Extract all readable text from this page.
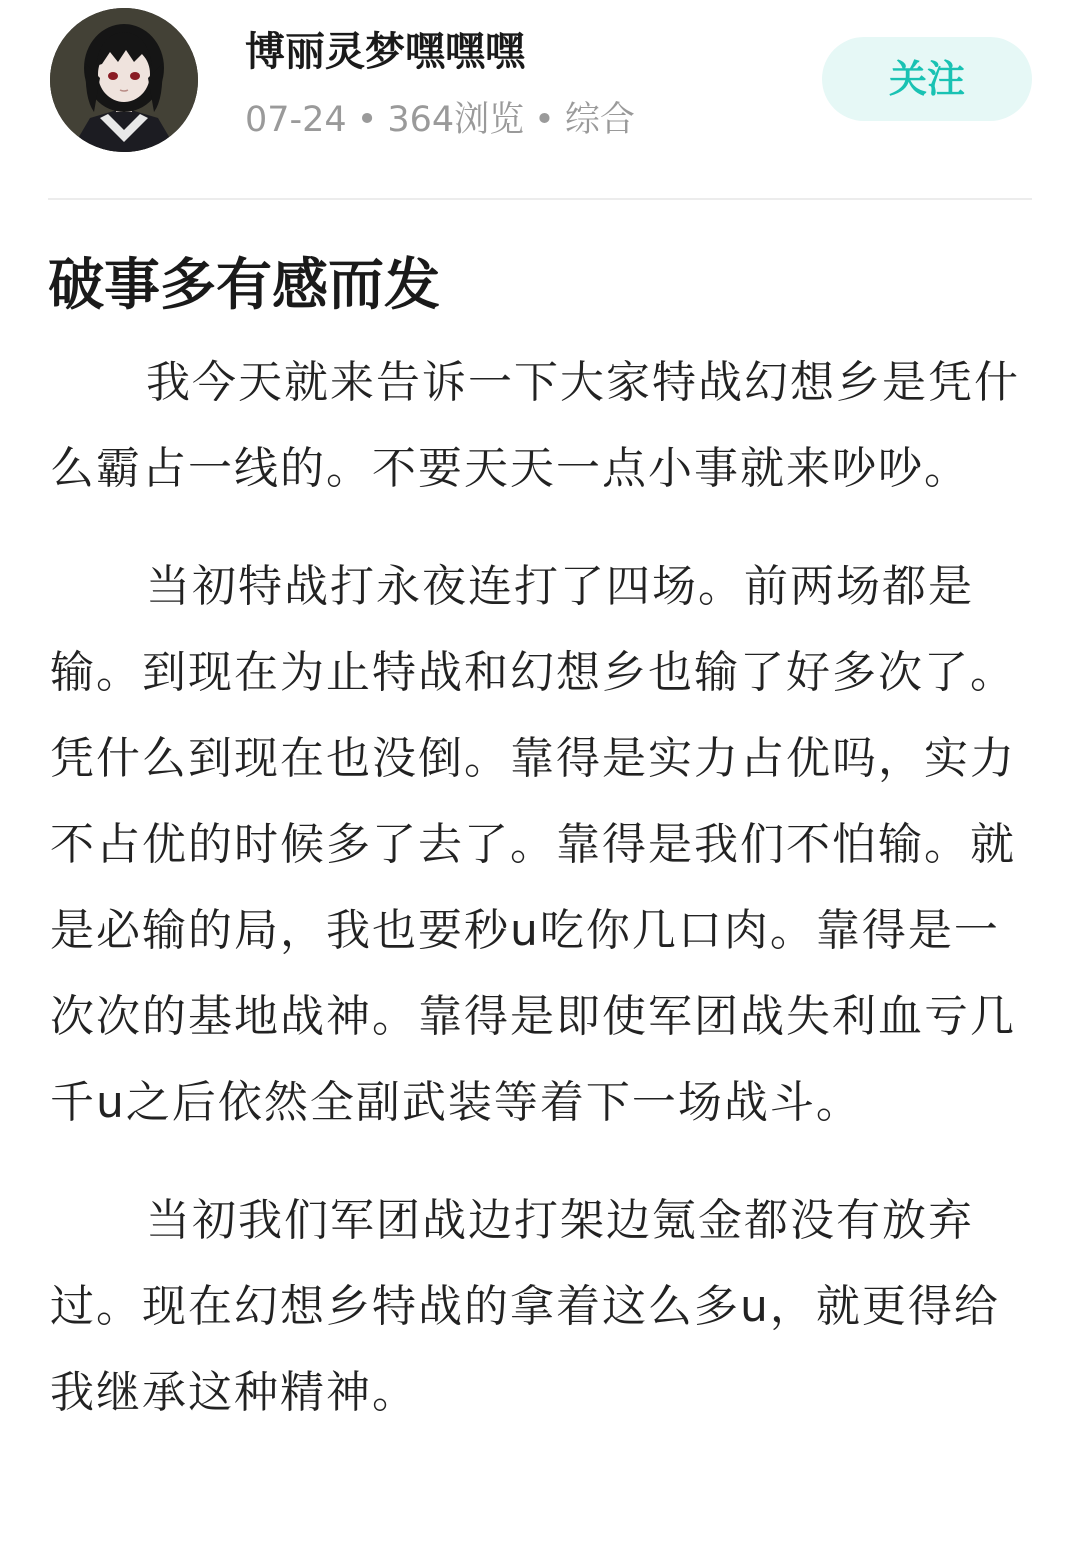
博丽灵梦嘿嘿嘿
07-24 • 364浏览 • 综合
关注
破事多有感而发

我今天就来告诉一下大家特战幻想乡是凭什么霸占一线的。不要天天一点小事就来吵吵。

当初特战打永夜连打了四场。前两场都是输。到现在为止特战和幻想乡也输了好多次了。凭什么到现在也没倒。靠得是实力占优吗，实力不占优的时候多了去了。靠得是我们不怕输。就是必输的局，我也要秒u吃你几口肉。靠得是一次次的基地战神。靠得是即使军团战失利血亏几千u之后依然全副武装等着下一场战斗。

当初我们军团战边打架边氪金都没有放弃过。现在幻想乡特战的拿着这么多u，就更得给我继承这种精神。
